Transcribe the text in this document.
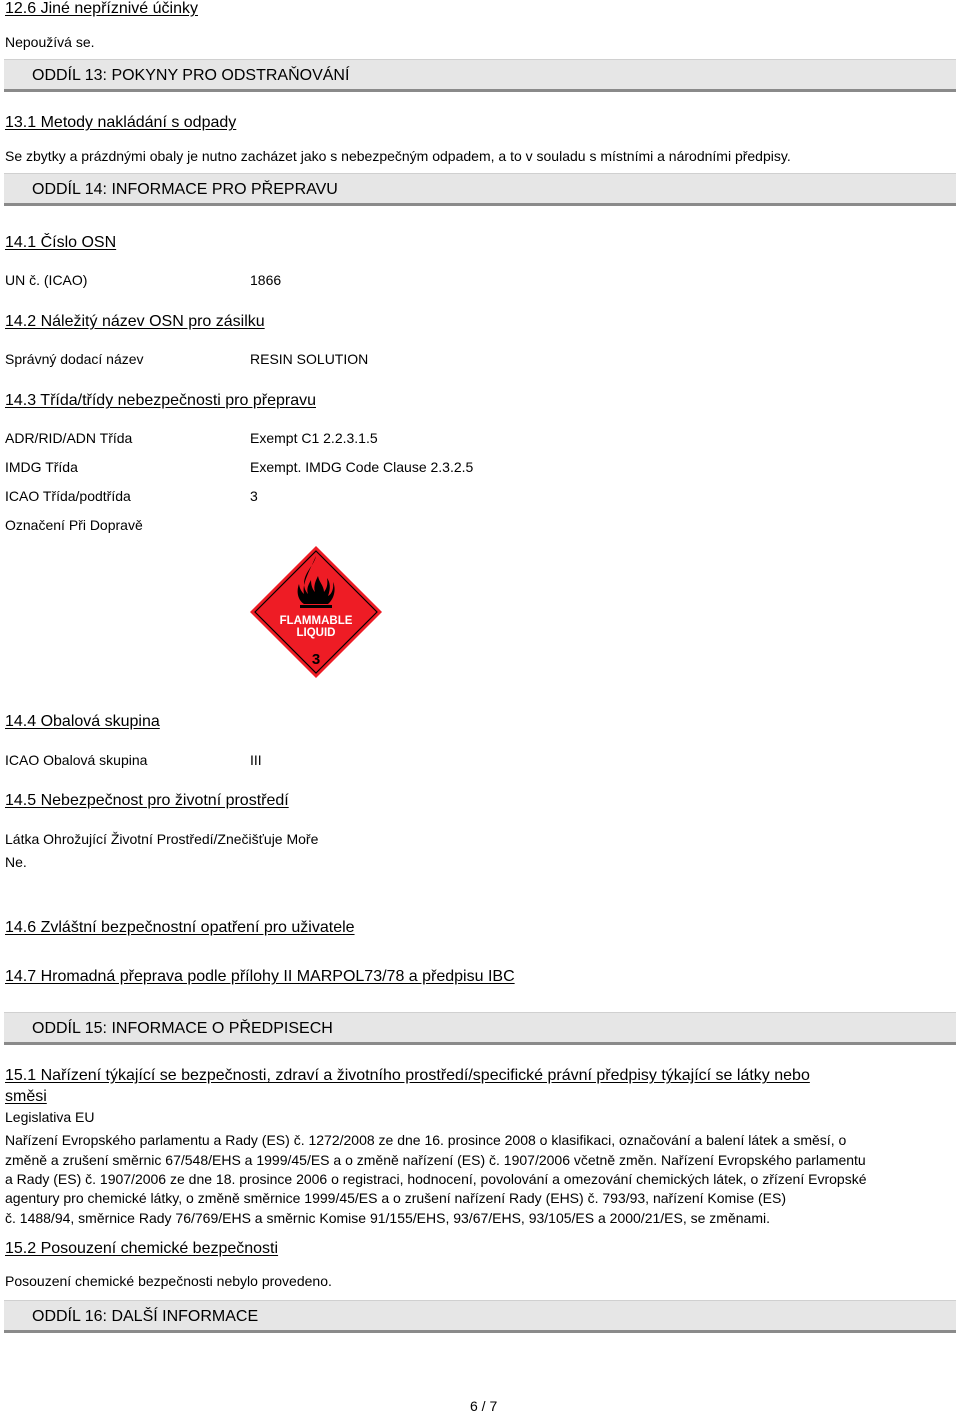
12.6 Jiné nepříznivé účinky
Nepoužívá se.
ODDÍL 13: POKYNY PRO ODSTRAŇOVÁNÍ
13.1 Metody nakládání s odpady
Se zbytky a prázdnými obaly je nutno zacházet jako s nebezpečným odpadem, a to v souladu s místními a národními předpisy.
ODDÍL 14: INFORMACE PRO PŘEPRAVU
14.1 Číslo OSN
UN č. (ICAO)	1866
14.2 Náležitý název OSN pro zásilku
Správný dodací název	RESIN SOLUTION
14.3 Třída/třídy nebezpečnosti pro přepravu
ADR/RID/ADN Třída	Exempt C1 2.2.3.1.5
IMDG Třída	Exempt. IMDG Code Clause 2.3.2.5
ICAO Třída/podtřída	3
Označení Při Dopravě
FLAMMABLE
LIQUID
3
14.4 Obalová skupina
ICAO Obalová skupina	III
14.5 Nebezpečnost pro životní prostředí
Látka Ohrožující Životní Prostředí/Znečišťuje Moře
Ne.
14.6 Zvláštní bezpečnostní opatření pro uživatele
14.7 Hromadná přeprava podle přílohy II MARPOL73/78 a předpisu IBC
ODDÍL 15: INFORMACE O PŘEDPISECH
15.1 Nařízení týkající se bezpečnosti, zdraví a životního prostředí/specifické právní předpisy týkající se látky nebo
směsi
Legislativa EU
Nařízení Evropského parlamentu a Rady (ES) č. 1272/2008 ze dne 16. prosince 2008 o klasifikaci, označování a balení látek a směsí, o
změně a zrušení směrnic 67/548/EHS a 1999/45/ES a o změně nařízení (ES) č. 1907/2006 včetně změn. Nařízení Evropského parlamentu
a Rady (ES) č. 1907/2006 ze dne 18. prosince 2006 o registraci, hodnocení, povolování a omezování chemických látek, o zřízení Evropské
agentury pro chemické látky, o změně směrnice 1999/45/ES a o zrušení nařízení Rady (EHS) č. 793/93, nařízení Komise (ES)
č. 1488/94, směrnice Rady 76/769/EHS a směrnic Komise 91/155/EHS, 93/67/EHS, 93/105/ES a 2000/21/ES, se změnami.
15.2 Posouzení chemické bezpečnosti
Posouzení chemické bezpečnosti nebylo provedeno.
ODDÍL 16: DALŠÍ INFORMACE
6 / 7
